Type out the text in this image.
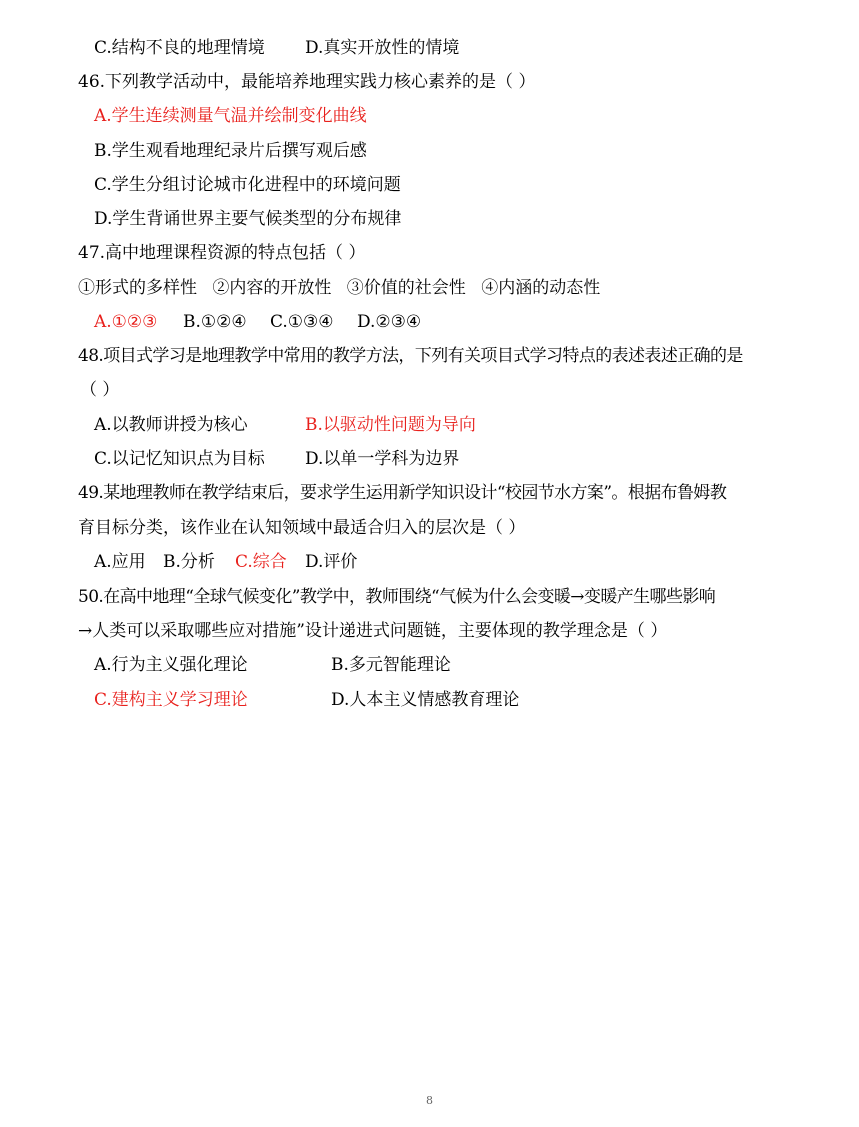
C.结构不良的地理情境 D.真实开放性的情境
46.下列教学活动中，最能培养地理实践力核心素养的是（ ）
A.学生连续测量气温并绘制变化曲线
B.学生观看地理纪录片后撰写观后感
C.学生分组讨论城市化进程中的环境问题
D.学生背诵世界主要气候类型的分布规律
47.高中地理课程资源的特点包括（ ）
①形式的多样性 ②内容的开放性 ③价值的社会性 ④内涵的动态性
A.①②③ B.①②④ C.①③④ D.②③④
48.项目式学习是地理教学中常用的教学方法，下列有关项目式学习特点的表述表述正确的是
（ ）
A.以教师讲授为核心	B.以驱动性问题为导向
C.以记忆知识点为目标 D.以单一学科为边界
49.某地理教师在教学结束后，要求学生运用新学知识设计“校园节水方案”。根据布鲁姆教
育目标分类，该作业在认知领域中最适合归入的层次是（ ）
A.应用 B.分析 C.综合 D.评价
50.在高中地理“全球气候变化”教学中，教师围绕“气候为什么会变暖→变暖产生哪些影响
→人类可以采取哪些应对措施”设计递进式问题链，主要体现的教学理念是（ ）
A.行为主义强化理论	B.多元智能理论
C.建构主义学习理论	D.人本主义情感教育理论
8
